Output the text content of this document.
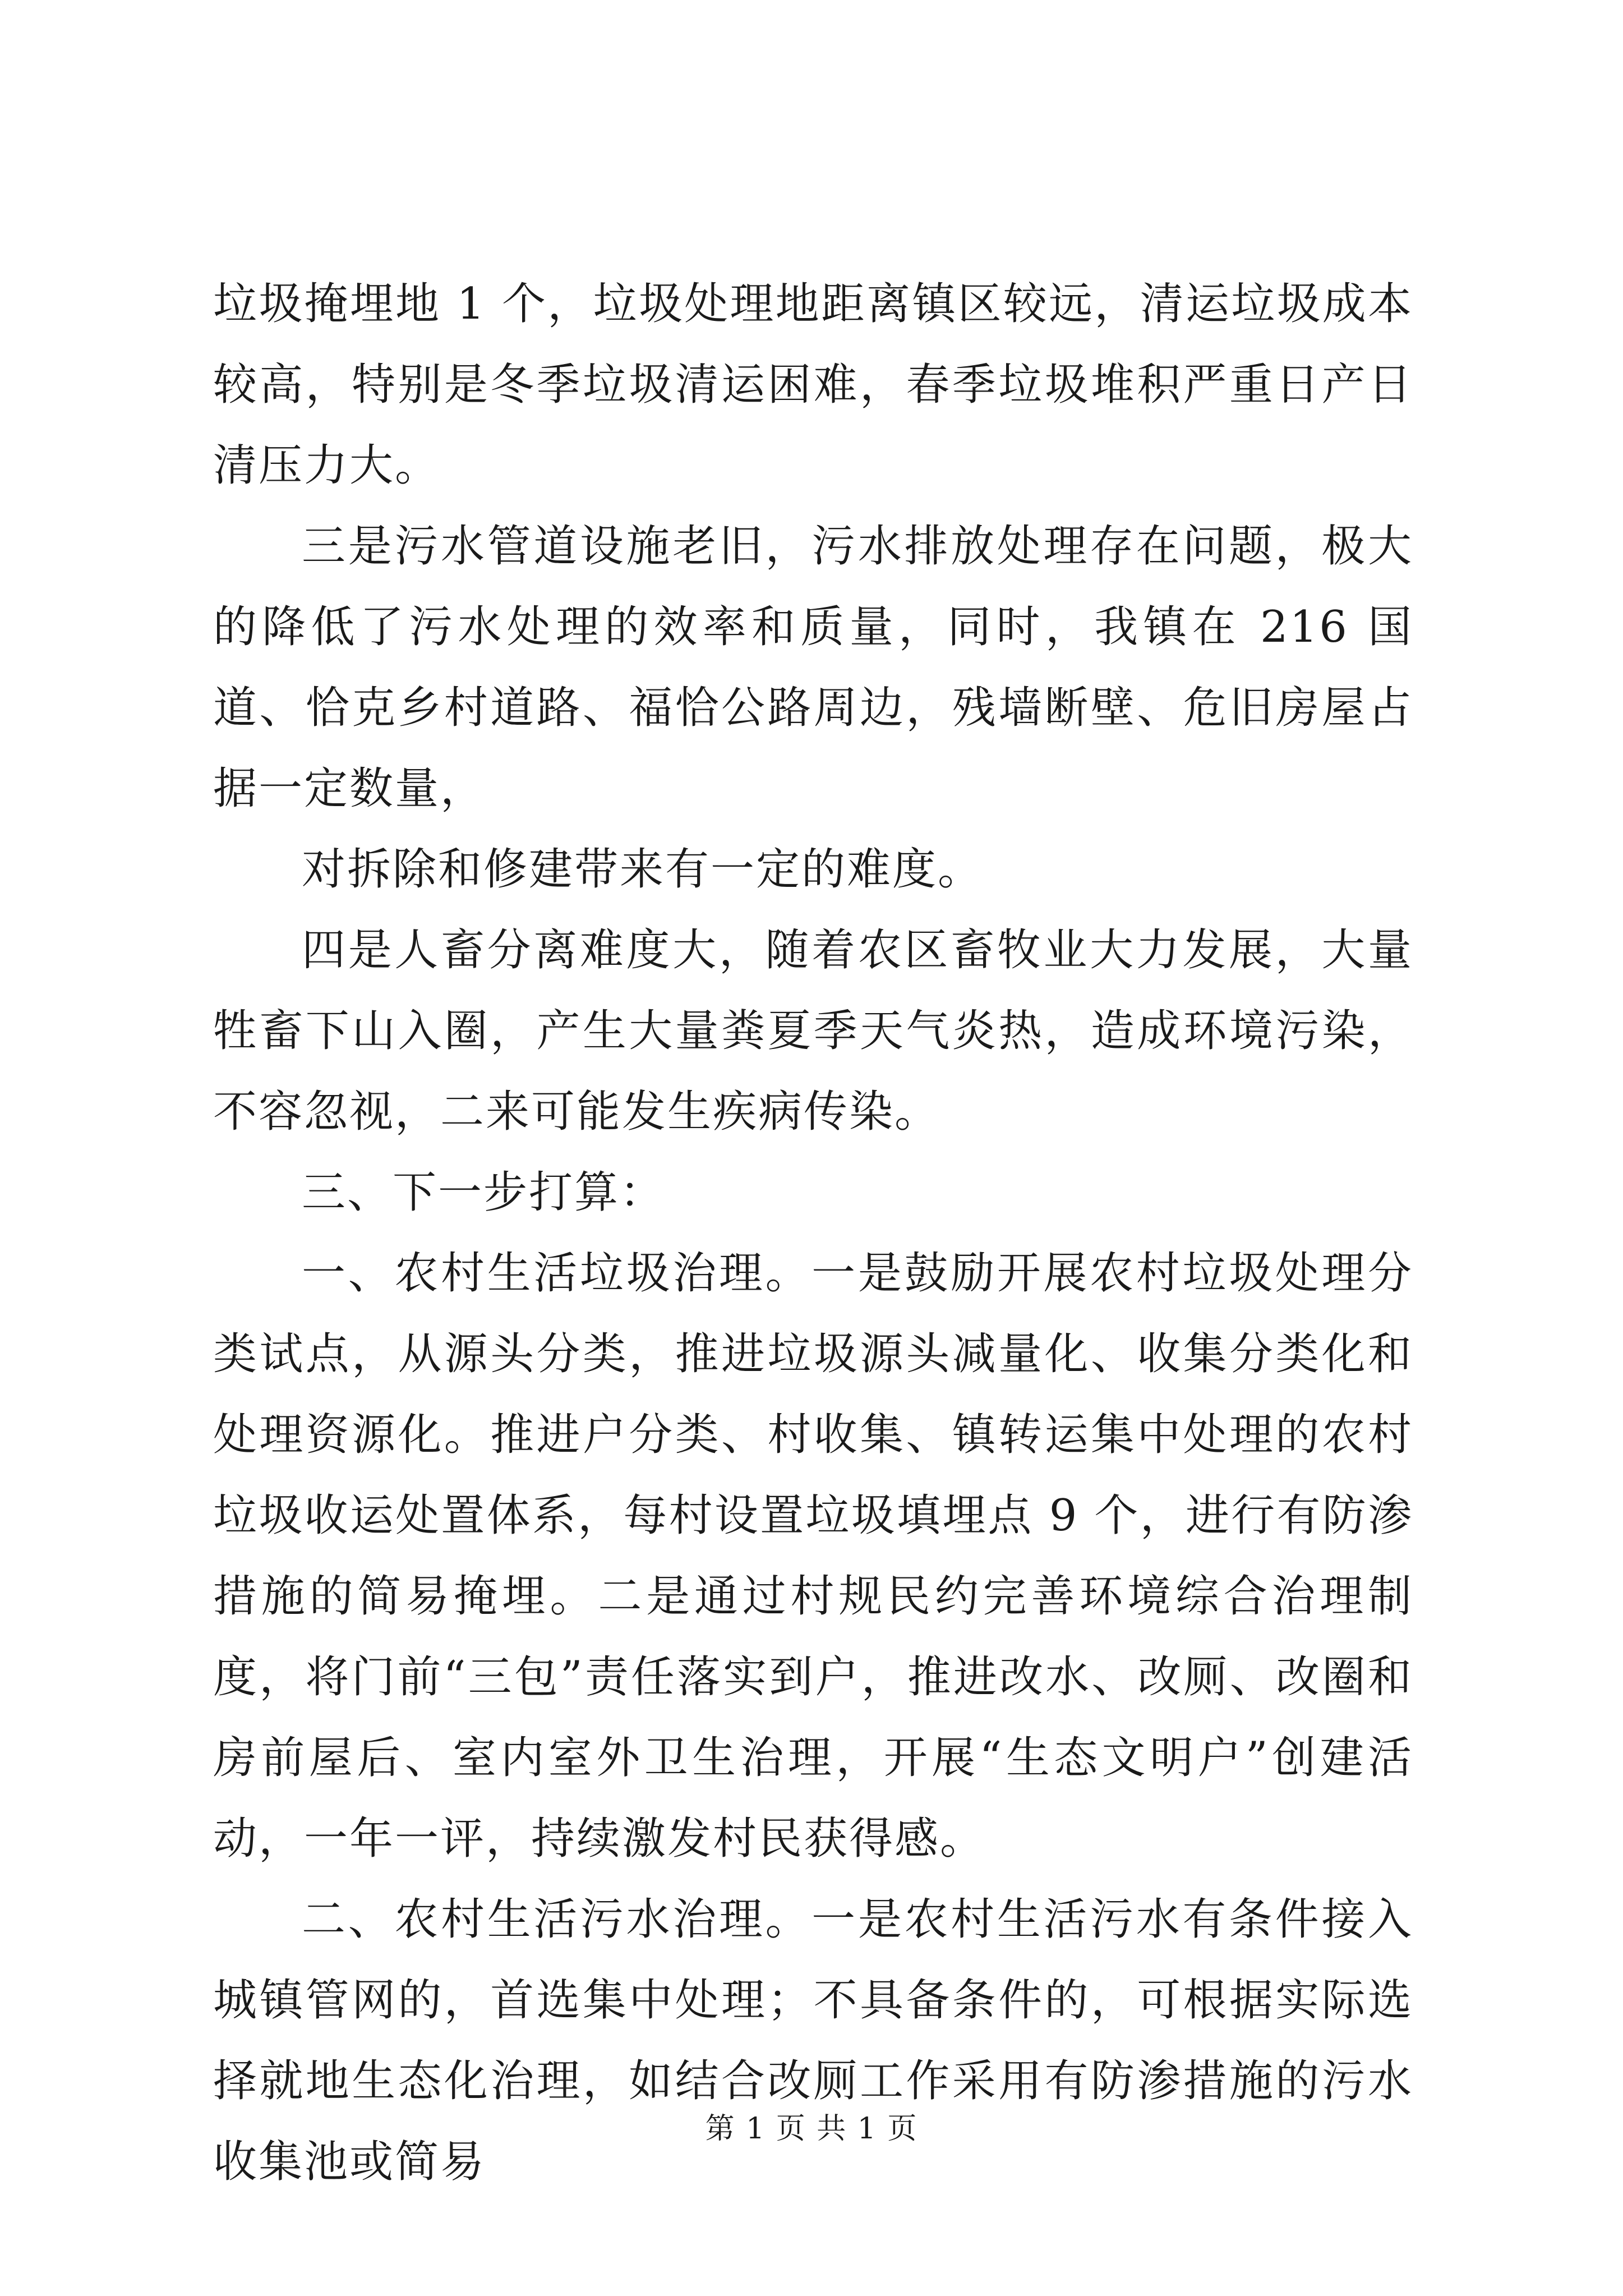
垃圾掩埋地 1 个，垃圾处理地距离镇区较远，清运垃圾成本较高，特别是冬季垃圾清运困难，春季垃圾堆积严重日产日清压力大。

三是污水管道设施老旧，污水排放处理存在问题，极大的降低了污水处理的效率和质量，同时，我镇在 216 国道、恰克乡村道路、福恰公路周边，残墙断壁、危旧房屋占据一定数量，

对拆除和修建带来有一定的难度。

四是人畜分离难度大，随着农区畜牧业大力发展，大量牲畜下山入圈，产生大量粪夏季天气炎热，造成环境污染，不容忽视，二来可能发生疾病传染。

三、下一步打算：

一、农村生活垃圾治理。一是鼓励开展农村垃圾处理分类试点，从源头分类，推进垃圾源头减量化、收集分类化和处理资源化。推进户分类、村收集、镇转运集中处理的农村垃圾收运处置体系，每村设置垃圾填埋点 9 个，进行有防渗措施的简易掩埋。二是通过村规民约完善环境综合治理制度，将门前“三包”责任落实到户，推进改水、改厕、改圈和房前屋后、室内室外卫生治理，开展“生态文明户”创建活动，一年一评，持续激发村民获得感。

二、农村生活污水治理。一是农村生活污水有条件接入城镇管网的，首选集中处理；不具备条件的，可根据实际选择就地生态化治理，如结合改厕工作采用有防渗措施的污水收集池或简易

第 1 页 共 1 页
